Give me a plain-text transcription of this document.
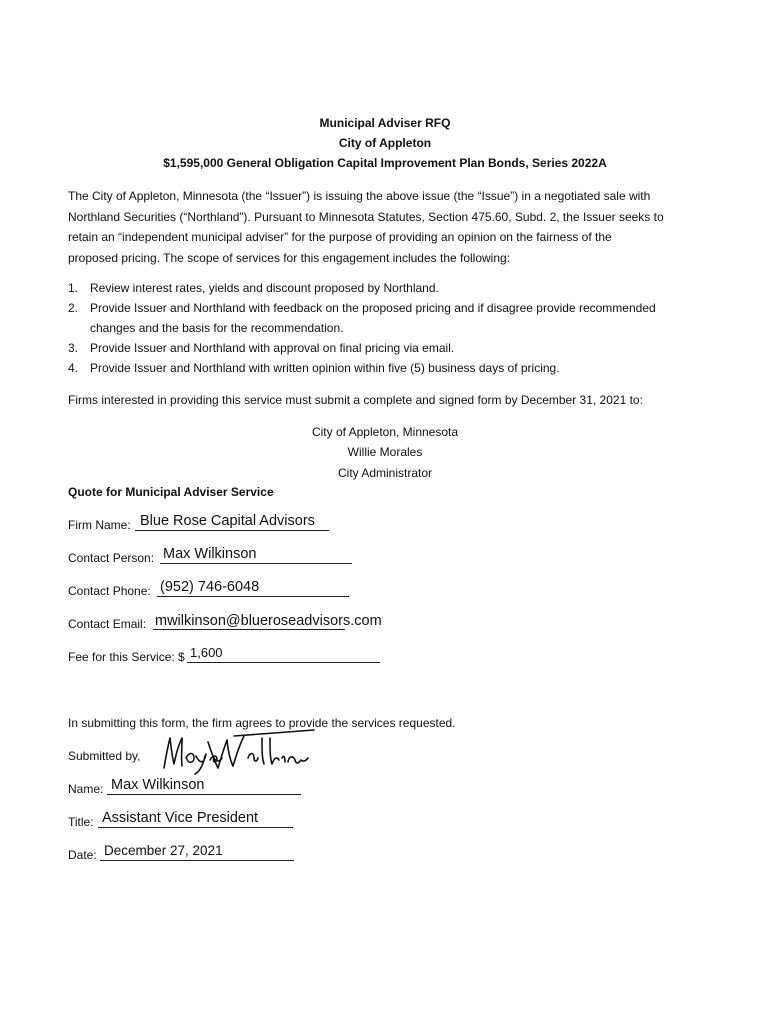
Municipal Adviser RFQ
City of Appleton
$1,595,000 General Obligation Capital Improvement Plan Bonds, Series 2022A
The City of Appleton, Minnesota (the “Issuer”) is issuing the above issue (the “Issue”) in a negotiated sale with
Northland Securities (“Northland”). Pursuant to Minnesota Statutes, Section 475.60, Subd. 2, the Issuer seeks to
retain an “independent municipal adviser” for the purpose of providing an opinion on the fairness of the
proposed pricing. The scope of services for this engagement includes the following:
1. Review interest rates, yields and discount proposed by Northland.
2. Provide Issuer and Northland with feedback on the proposed pricing and if disagree provide recommended
changes and the basis for the recommendation.
3. Provide Issuer and Northland with approval on final pricing via email.
4. Provide Issuer and Northland with written opinion within five (5) business days of pricing.
Firms interested in providing this service must submit a complete and signed form by December 31, 2021 to:
City of Appleton, Minnesota
Willie Morales
City Administrator
Quote for Municipal Adviser Service
Firm Name: Blue Rose Capital Advisors
Contact Person: Max Wilkinson
Contact Phone: (952) 746-6048
Contact Email: mwilkinson@blueroseadvisors.com
Fee for this Service: $ 1,600
In submitting this form, the firm agrees to provide the services requested.
Submitted by,
Name: Max Wilkinson
Title: Assistant Vice President
Date: December 27, 2021
